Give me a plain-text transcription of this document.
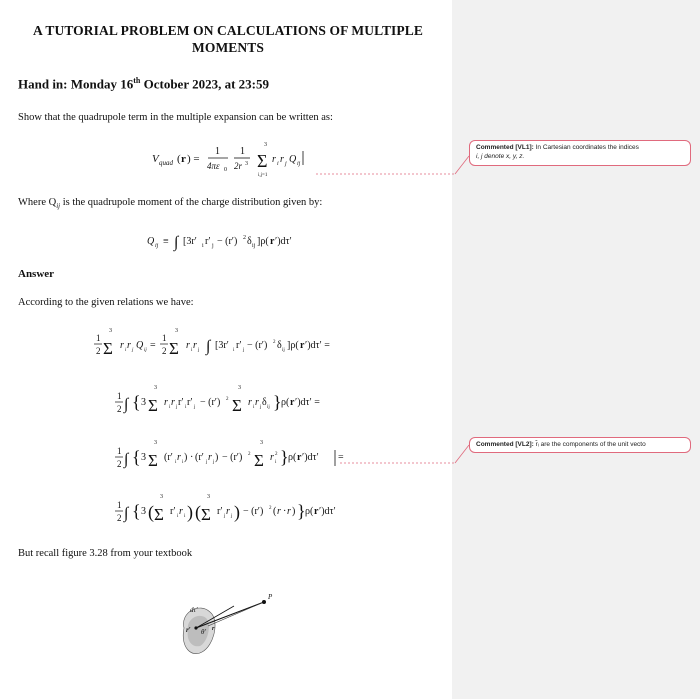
A TUTORIAL PROBLEM ON CALCULATIONS OF MULTIPLE MOMENTS
Hand in: Monday 16th October 2023, at 23:59
Show that the quadrupole term in the multiple expansion can be written as:
V quad ( r ) =
1
4πε 0
1
2r 3
3
Σ
i,j=1
r i r j Q ij
Where $Q_{ij}$ is the quadrupole moment of the charge distribution given by:
Q ij ≡ ∫ [3r′ i r′ j − (r′) 2 δ ij ]ρ( r ′)dτ′
Answer
According to the given relations we have:
1
2
3
Σ r i r j Q ij =
1
2
3
Σ r i r j ∫ [3r′ i r′ j − (r′) 2 δ ij ]ρ( r ′)dτ′ =
1
2 ∫ { 3
3
Σ r i r j r′ i r′ j − (r′) 2
3
Σ r i r j δ ij } ρ( r ′)dτ′ =
1
2 ∫ { 3
3
Σ (r′ i r i ) · (r′ j r j ) − (r′) 2
3
Σ r i
2 } ρ( r ′)dτ′ =
1
2 ∫ { 3 (
3
Σ r′ i r i ) (
3
Σ r′ j r j ) − (r′) 2 ( r · r ) } ρ( r ′)dτ′
But recall figure 3.28 from your textbook
dτ′
r′ θ′ r
P
Commented [VL1]: In Cartesian coordinates the indices
i, j denote x, y, z.
Commented [VL2]: r̂ᵢ are the components of the unit vecto
